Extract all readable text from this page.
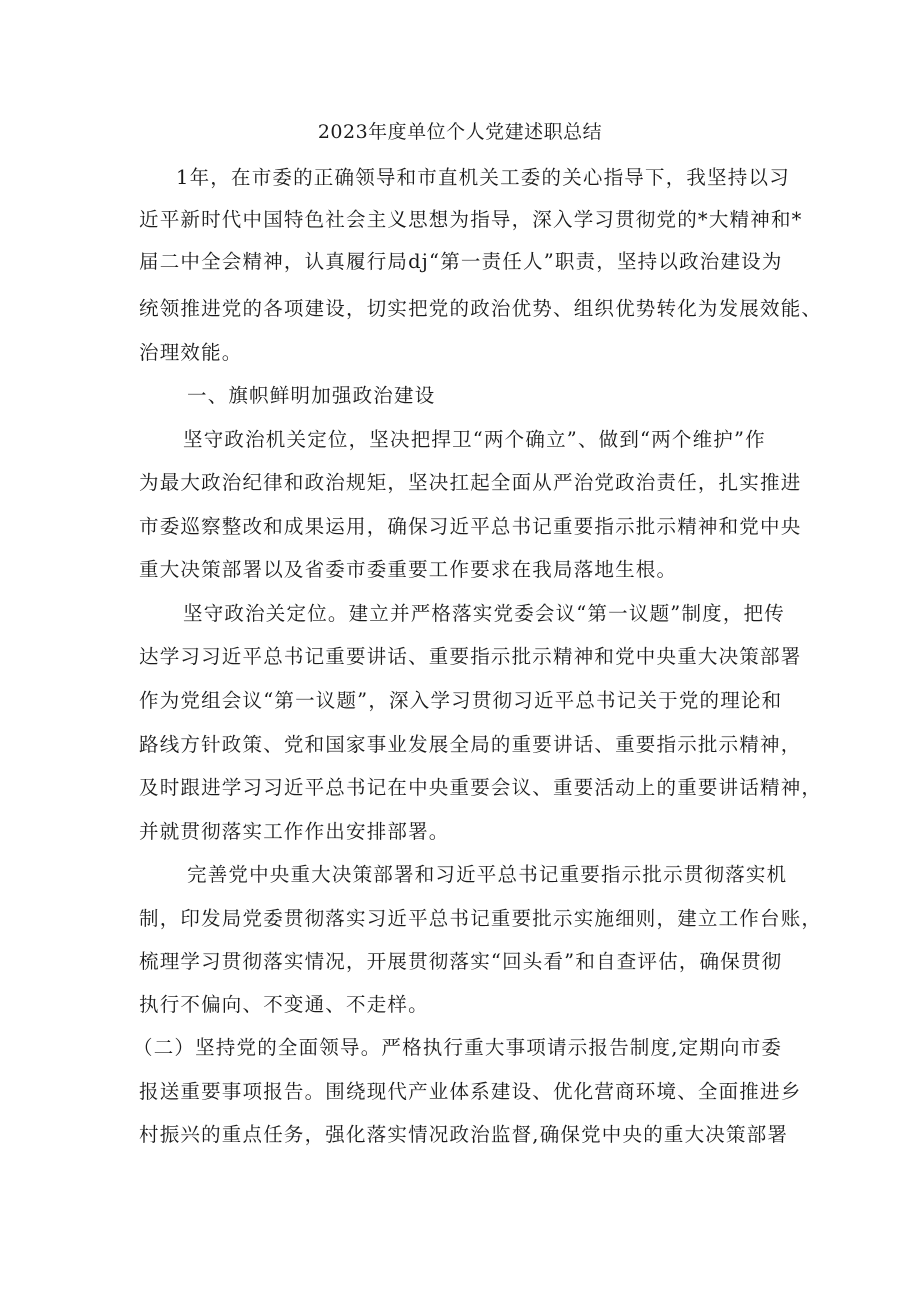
2023年度单位个人党建述职总结
1年，在市委的正确领导和市直机关工委的关心指导下，我坚持以习
近平新时代中国特色社会主义思想为指导，深入学习贯彻党的*大精神和*
届二中全会精神，认真履行局dj“第一责任人”职责，坚持以政治建设为
统领推进党的各项建设，切实把党的政治优势、组织优势转化为发展效能、
治理效能。
一、旗帜鲜明加强政治建设
坚守政治机关定位，坚决把捍卫“两个确立”、做到“两个维护”作
为最大政治纪律和政治规矩，坚决扛起全面从严治党政治责任，扎实推进
市委巡察整改和成果运用，确保习近平总书记重要指示批示精神和党中央
重大决策部署以及省委市委重要工作要求在我局落地生根。
坚守政治关定位。建立并严格落实党委会议“第一议题”制度，把传
达学习习近平总书记重要讲话、重要指示批示精神和党中央重大决策部署
作为党组会议“第一议题”，深入学习贯彻习近平总书记关于党的理论和
路线方针政策、党和国家事业发展全局的重要讲话、重要指示批示精神，
及时跟进学习习近平总书记在中央重要会议、重要活动上的重要讲话精神，
并就贯彻落实工作作出安排部署。
完善党中央重大决策部署和习近平总书记重要指示批示贯彻落实机
制，印发局党委贯彻落实习近平总书记重要批示实施细则，建立工作台账，
梳理学习贯彻落实情况，开展贯彻落实“回头看”和自查评估，确保贯彻
执行不偏向、不变通、不走样。
（二）坚持党的全面领导。严格执行重大事项请示报告制度,定期向市委
报送重要事项报告。围绕现代产业体系建设、优化营商环境、全面推进乡
村振兴的重点任务，强化落实情况政治监督,确保党中央的重大决策部署
